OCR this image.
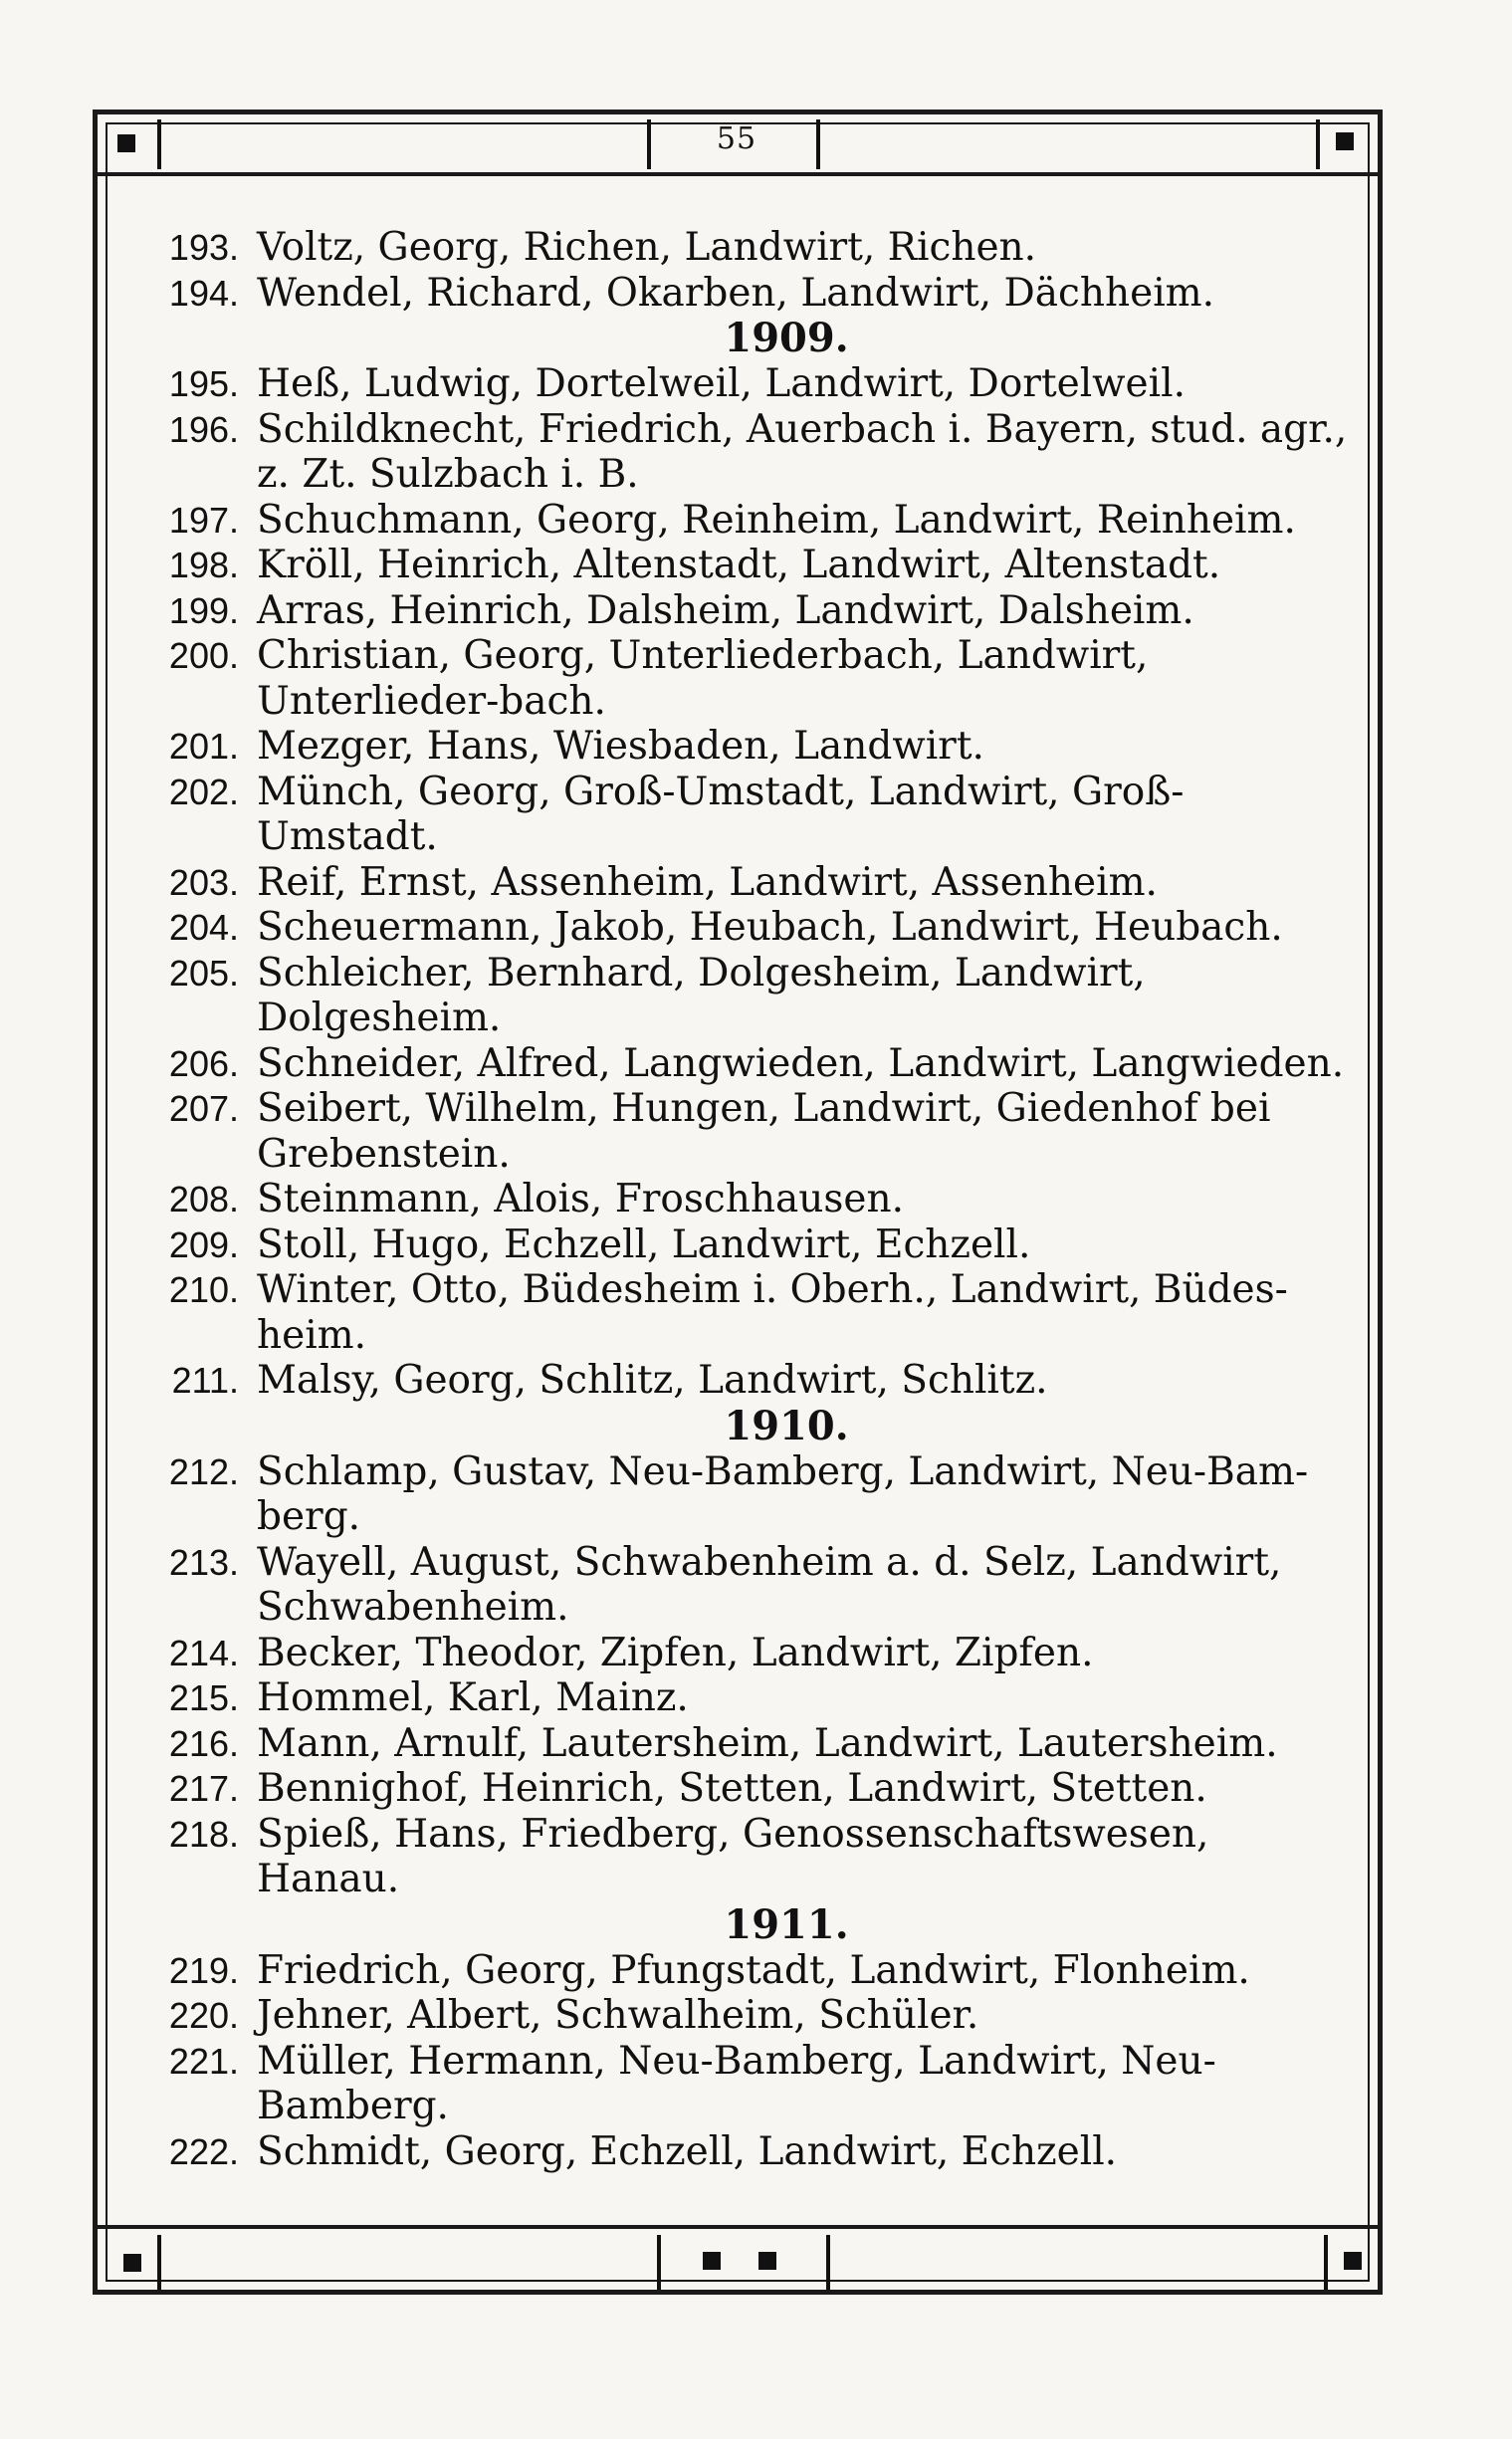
55
193. Voltz, Georg, Richen, Landwirt, Richen.
194. Wendel, Richard, Okarben, Landwirt, Dächheim.
1909.
195. Heß, Ludwig, Dortelweil, Landwirt, Dortelweil.
196. Schildknecht, Friedrich, Auerbach i. Bayern, stud. agr., z. Zt. Sulzbach i. B.
197. Schuchmann, Georg, Reinheim, Landwirt, Reinheim.
198. Kröll, Heinrich, Altenstadt, Landwirt, Altenstadt.
199. Arras, Heinrich, Dalsheim, Landwirt, Dalsheim.
200. Christian, Georg, Unterliederbach, Landwirt, Unterlieder-bach.
201. Mezger, Hans, Wiesbaden, Landwirt.
202. Münch, Georg, Groß-Umstadt, Landwirt, Groß-Umstadt.
203. Reif, Ernst, Assenheim, Landwirt, Assenheim.
204. Scheuermann, Jakob, Heubach, Landwirt, Heubach.
205. Schleicher, Bernhard, Dolgesheim, Landwirt, Dolgesheim.
206. Schneider, Alfred, Langwieden, Landwirt, Langwieden.
207. Seibert, Wilhelm, Hungen, Landwirt, Giedenhof bei Grebenstein.
208. Steinmann, Alois, Froschhausen.
209. Stoll, Hugo, Echzell, Landwirt, Echzell.
210. Winter, Otto, Büdesheim i. Oberh., Landwirt, Büdes-heim.
211. Malsy, Georg, Schlitz, Landwirt, Schlitz.
1910.
212. Schlamp, Gustav, Neu-Bamberg, Landwirt, Neu-Bam-berg.
213. Wayell, August, Schwabenheim a. d. Selz, Landwirt, Schwabenheim.
214. Becker, Theodor, Zipfen, Landwirt, Zipfen.
215. Hommel, Karl, Mainz.
216. Mann, Arnulf, Lautersheim, Landwirt, Lautersheim.
217. Bennighof, Heinrich, Stetten, Landwirt, Stetten.
218. Spieß, Hans, Friedberg, Genossenschaftswesen, Hanau.
1911.
219. Friedrich, Georg, Pfungstadt, Landwirt, Flonheim.
220. Jehner, Albert, Schwalheim, Schüler.
221. Müller, Hermann, Neu-Bamberg, Landwirt, Neu-Bamberg.
222. Schmidt, Georg, Echzell, Landwirt, Echzell.
